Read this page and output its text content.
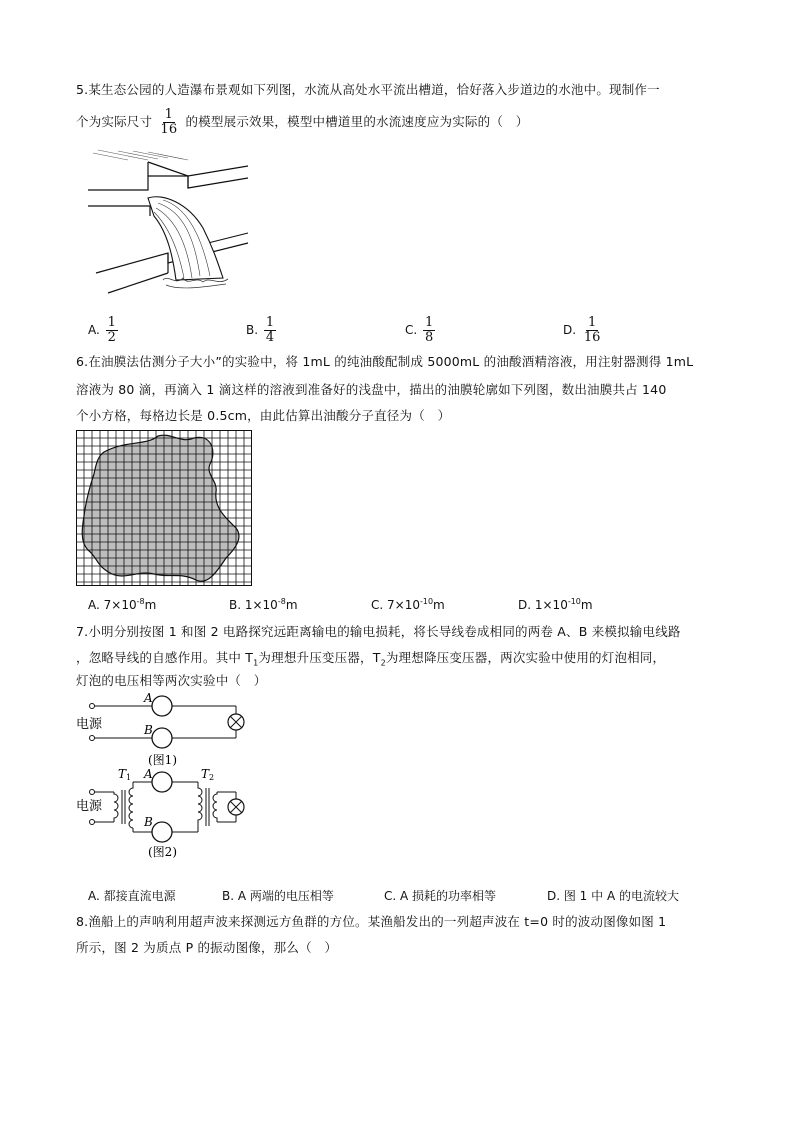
5.某生态公园的人造瀑布景观如下列图，水流从高处水平流出槽道，恰好落入步道边的水池中。现制作一
个为实际尺寸 $\frac{1}{16}$ 的模型展示效果，模型中槽道里的水流速度应为实际的（　）
A. $\frac{1}{2}$	B. $\frac{1}{4}$	C. $\frac{1}{8}$	D. $\frac{1}{16}$
6.在油膜法估测分子大小”的实验中，将 1mL 的纯油酸配制成 5000mL 的油酸酒精溶液，用注射器测得 1mL
溶液为 80 滴，再滴入 1 滴这样的溶液到准备好的浅盘中，描出的油膜轮廓如下列图，数出油膜共占 140
个小方格，每格边长是 0.5cm，由此估算出油酸分子直径为（　）
A. $7\times 10^{-8}m$	B. $1\times 10^{-8}m$	C. $7\times 10^{-10}m$	D. $1\times 10^{-10}m$
7.小明分别按图 1 和图 2 电路探究远距离输电的输电损耗，将长导线卷成相同的两卷 A、B 来模拟输电线路
，忽略导线的自感作用。其中 $T_1$为理想升压变压器，$T_2$为理想降压变压器，两次实验中使用的灯泡相同，
灯泡的电压相等两次实验中（　）
电源
A
B
(图1)
电源
T 1 A	T 2
B
(图2)
A. 都接直流电源	B. A 两端的电压相等	C. A 损耗的功率相等	D. 图 1 中 A 的电流较大
8.渔船上的声呐利用超声波来探测远方鱼群的方位。某渔船发出的一列超声波在 t=0 时的波动图像如图 1
所示，图 2 为质点 P 的振动图像，那么（　）
